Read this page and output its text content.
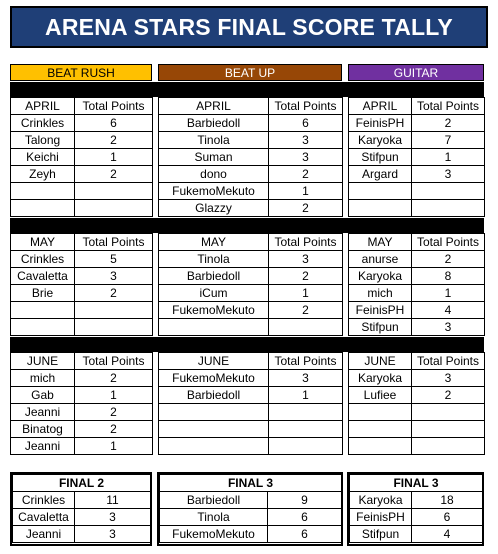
ARENA STARS FINAL SCORE TALLY
BEAT RUSH	BEAT UP	GUITAR
APRIL	Total Points
Crinkles	6
Talong	2
Keichi	1
Zeyh	2

APRIL	Total Points
Barbiedoll	6
Tinola	3
Suman	3
dono	2
FukemoMekuto	1
Glazzy	2
APRIL	Total Points
FeinisPH	2
Karyoka	7
Stifpun	1
Argard	3

MAY	Total Points
Crinkles	5
Cavaletta	3
Brie	2

MAY	Total Points
Tinola	3
Barbiedoll	2
iCum	1
FukemoMekuto	2

MAY	Total Points
anurse	2
Karyoka	8
mich	1
FeinisPH	4
Stifpun	3
JUNE	Total Points
mich	2
Gab	1
Jeanni	2
Binatog	2
Jeanni	1
JUNE	Total Points
FukemoMekuto	3
Barbiedoll	1

JUNE	Total Points
Karyoka	3
Lufiee	2

FINAL 2	
Crinkles	11
Cavaletta	3
Jeanni	3
FINAL 3	
Barbiedoll	9
Tinola	6
FukemoMekuto	6
FINAL 3	
Karyoka	18
FeinisPH	6
Stifpun	4
